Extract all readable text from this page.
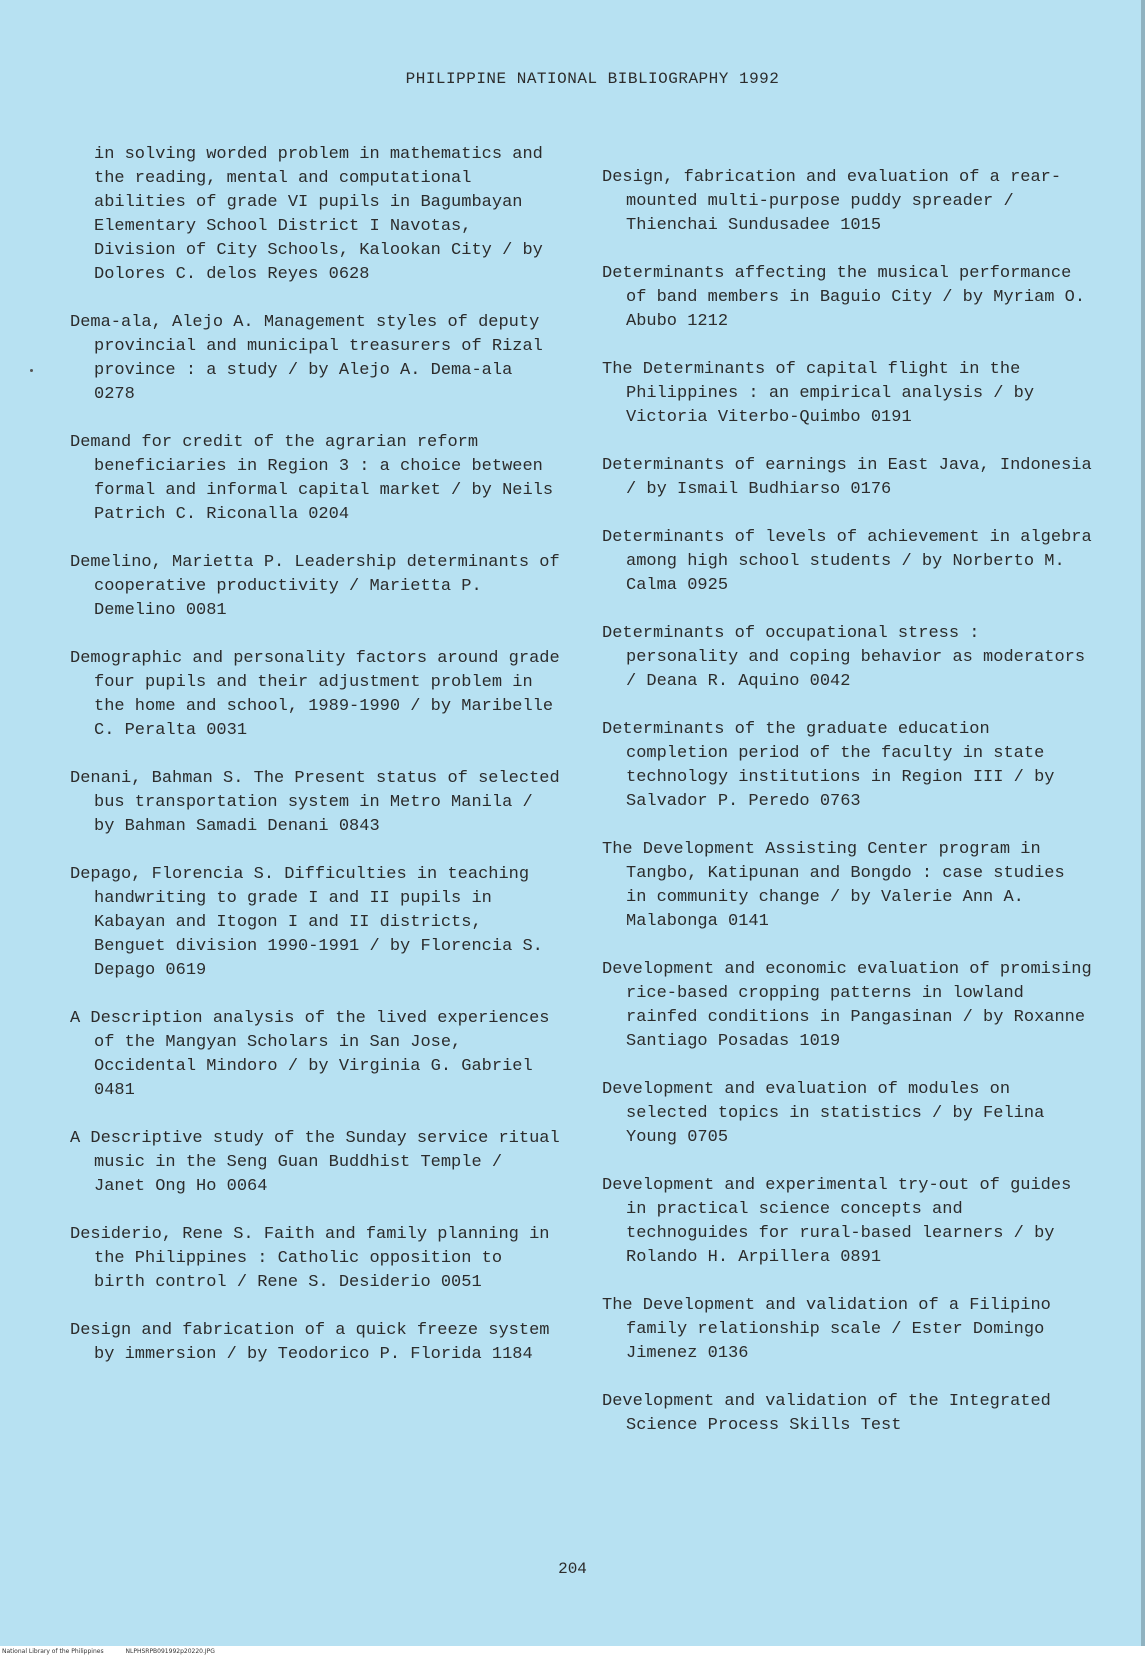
PHILIPPINE NATIONAL BIBLIOGRAPHY 1992

in solving worded problem in mathematics and the reading, mental and computational abilities of grade VI pupils in Bagumbayan Elementary School District I Navotas, Division of City Schools, Kalookan City / by Dolores C. delos Reyes 0628

Dema-ala, Alejo A. Management styles of deputy provincial and municipal treasurers of Rizal province : a study / by Alejo A. Dema-ala 0278

Demand for credit of the agrarian reform beneficiaries in Region 3 : a choice between formal and informal capital market / by Neils Patrich C. Riconalla 0204

Demelino, Marietta P. Leadership determinants of cooperative productivity / Marietta P. Demelino 0081

Demographic and personality factors around grade four pupils and their adjustment problem in the home and school, 1989-1990 / by Maribelle C. Peralta 0031

Denani, Bahman S. The Present status of selected bus transportation system in Metro Manila / by Bahman Samadi Denani 0843

Depago, Florencia S. Difficulties in teaching handwriting to grade I and II pupils in Kabayan and Itogon I and II districts, Benguet division 1990-1991 / by Florencia S. Depago 0619

A Description analysis of the lived experiences of the Mangyan Scholars in San Jose, Occidental Mindoro / by Virginia G. Gabriel 0481

A Descriptive study of the Sunday service ritual music in the Seng Guan Buddhist Temple / Janet Ong Ho 0064

Desiderio, Rene S. Faith and family planning in the Philippines : Catholic opposition to birth control / Rene S. Desiderio 0051

Design and fabrication of a quick freeze system by immersion / by Teodorico P. Florida 1184

Design, fabrication and evaluation of a rear-mounted multi-purpose puddy spreader / Thienchai Sundusadee 1015

Determinants affecting the musical performance of band members in Baguio City / by Myriam O. Abubo 1212

The Determinants of capital flight in the Philippines : an empirical analysis / by Victoria Viterbo-Quimbo 0191

Determinants of earnings in East Java, Indonesia / by Ismail Budhiarso 0176

Determinants of levels of achievement in algebra among high school students / by Norberto M. Calma 0925

Determinants of occupational stress : personality and coping behavior as moderators / Deana R. Aquino 0042

Determinants of the graduate education completion period of the faculty in state technology institutions in Region III / by Salvador P. Peredo 0763

The Development Assisting Center program in Tangbo, Katipunan and Bongdo : case studies in community change / by Valerie Ann A. Malabonga 0141

Development and economic evaluation of promising rice-based cropping patterns in lowland rainfed conditions in Pangasinan / by Roxanne Santiago Posadas 1019

Development and evaluation of modules on selected topics in statistics / by Felina Young 0705

Development and experimental try-out of guides in practical science concepts and technoguides for rural-based learners / by Rolando H. Arpillera 0891

The Development and validation of a Filipino family relationship scale / Ester Domingo Jimenez 0136

Development and validation of the Integrated Science Process Skills Test

204
National Library of the Philippines	NLPHSRPB091992p20220.JPG
